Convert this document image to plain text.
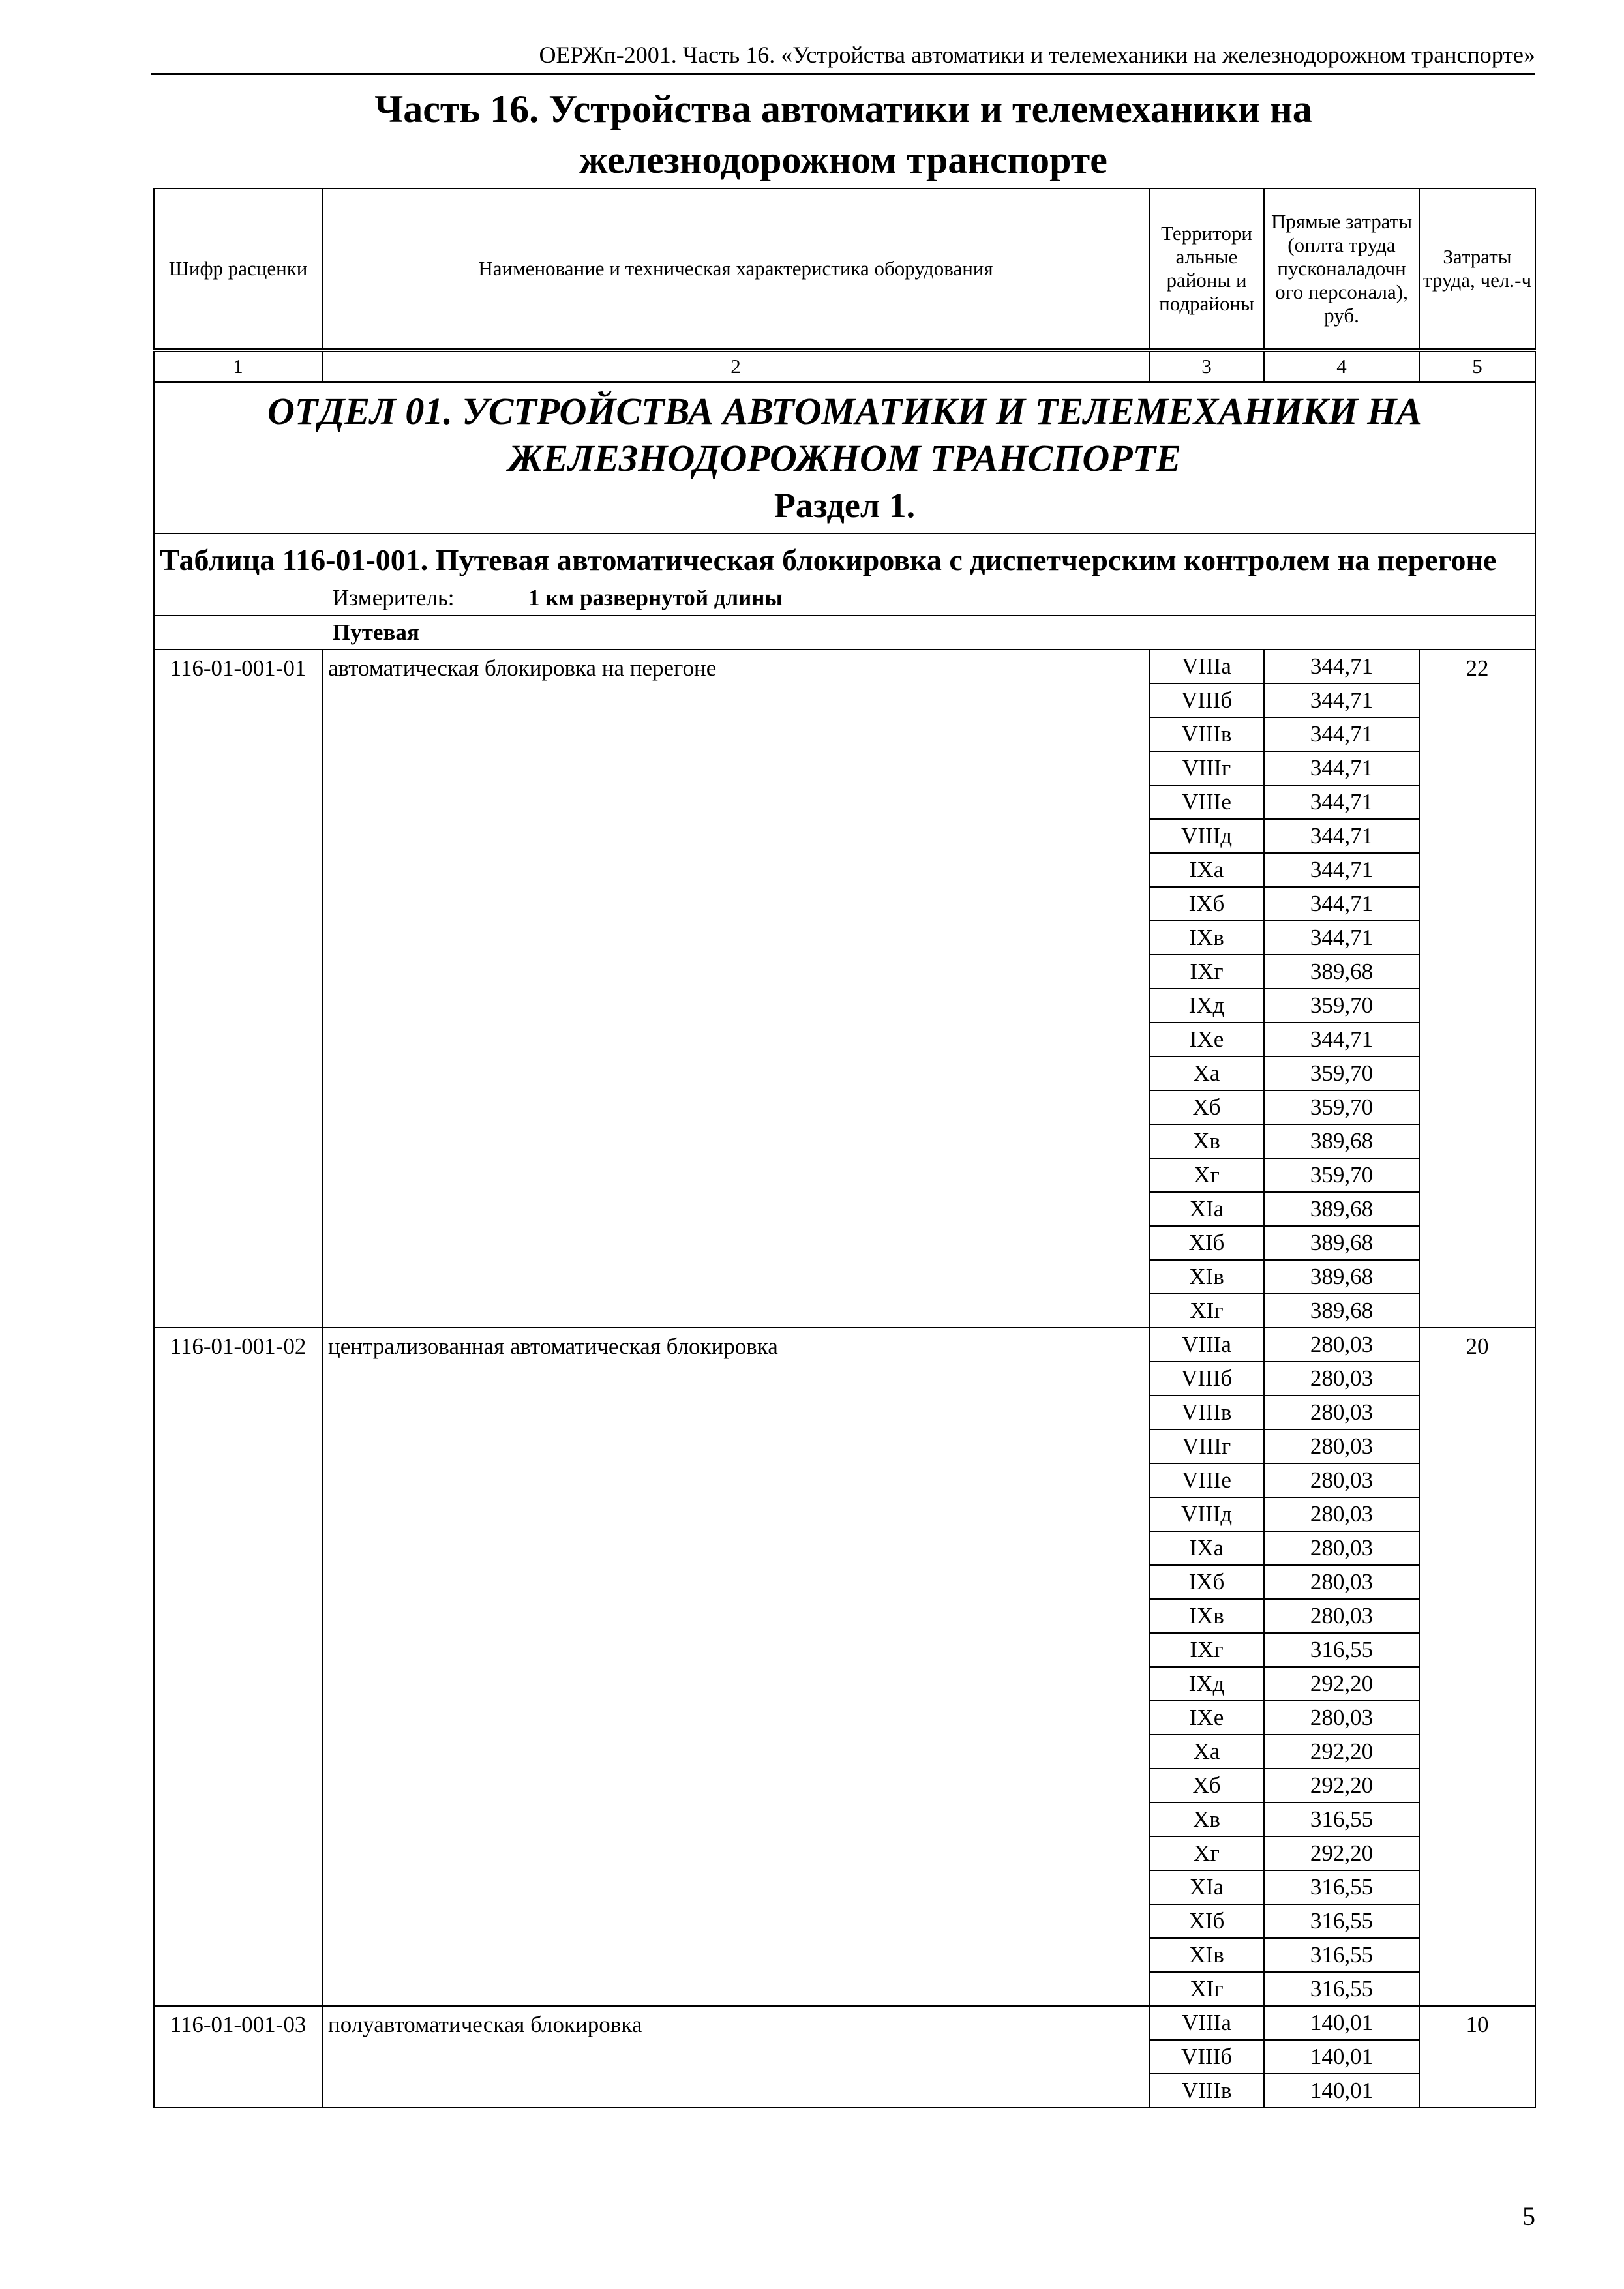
ОЕРЖп-2001. Часть 16. «Устройства автоматики и телемеханики на железнодорожном транспорте»
Часть 16. Устройства автоматики и телемеханики на
железнодорожном транспорте
Шифр расценки	Наименование и техническая характеристика оборудования	Территори альные районы и подрайоны	Прямые затраты (оплта труда пусконаладочн ого персонала), руб.	Затраты труда, чел.-ч
1	2	3	4	5
ОТДЕЛ 01. УСТРОЙСТВА АВТОМАТИКИ И ТЕЛЕМЕХАНИКИ НА
ЖЕЛЕЗНОДОРОЖНОМ ТРАНСПОРТЕ
Раздел 1.				

Таблица 116-01-001. Путевая автоматическая блокировка с диспетчерским контролем на перегоне
Измеритель: 1 км развернутой длины				

Путевая				
116-01-001-01	автоматическая блокировка на перегоне	VIIIа	344,71	22
		VIIIб	344,71	
		VIIIв	344,71	
		VIIIг	344,71	
		VIIIе	344,71	
		VIIIд	344,71	
		IXа	344,71	
		IXб	344,71	
		IXв	344,71	
		IXг	389,68	
		IXд	359,70	
		IXе	344,71	
		Xа	359,70	
		Xб	359,70	
		Xв	389,68	
		Xг	359,70	
		XIа	389,68	
		XIб	389,68	
		XIв	389,68	
		XIг	389,68	
116-01-001-02	централизованная автоматическая блокировка	VIIIа	280,03	20
		VIIIб	280,03	
		VIIIв	280,03	
		VIIIг	280,03	
		VIIIе	280,03	
		VIIIд	280,03	
		IXа	280,03	
		IXб	280,03	
		IXв	280,03	
		IXг	316,55	
		IXд	292,20	
		IXе	280,03	
		Xа	292,20	
		Xб	292,20	
		Xв	316,55	
		Xг	292,20	
		XIа	316,55	
		XIб	316,55	
		XIв	316,55	
		XIг	316,55	
116-01-001-03	полуавтоматическая блокировка	VIIIа	140,01	10
		VIIIб	140,01	
		VIIIв	140,01	
5
